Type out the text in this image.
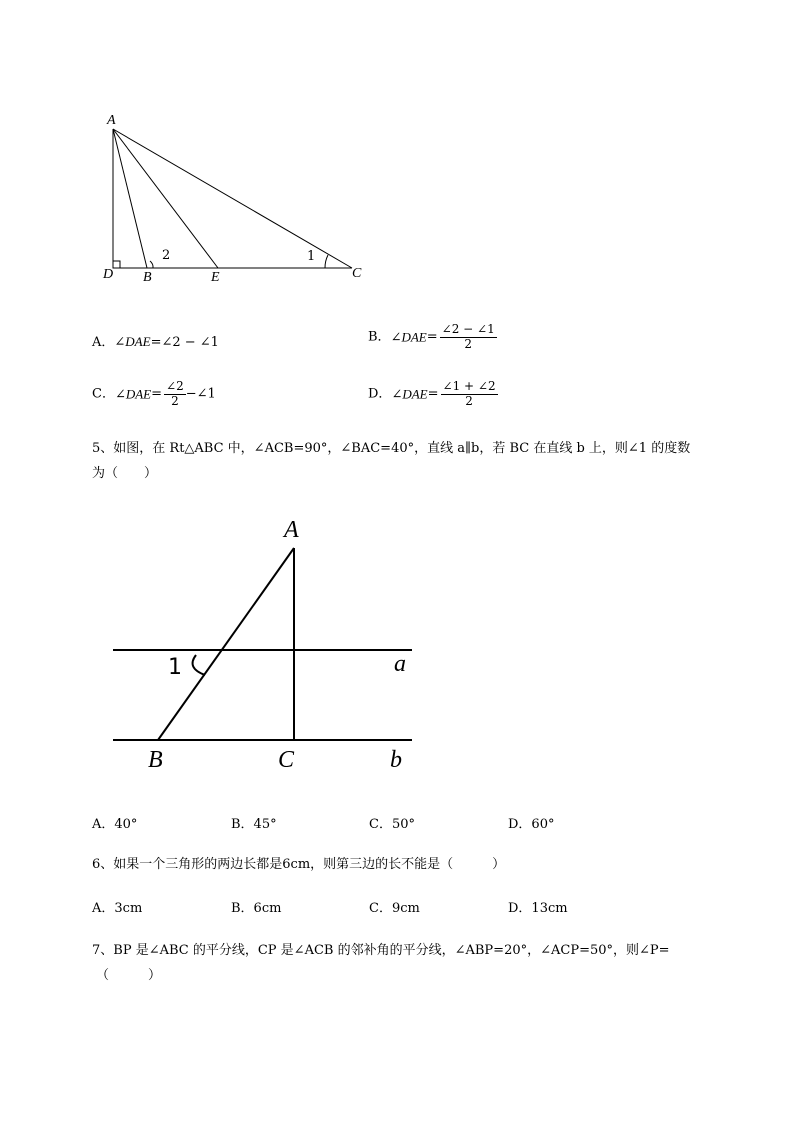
A
D B	E	C
2	1
A．∠DAE=∠2 − ∠1	B．∠DAE= $\frac{\angle 2 - \angle 1}{2}$
C．∠DAE= $\frac{\angle 2}{2}$ −∠1	D．∠DAE= $\frac{\angle 1 + \angle 2}{2}$
5、如图，在 Rt△ABC 中，∠ACB=90°，∠BAC=40°，直线 a∥b，若 BC 在直线 b 上，则∠1 的度数
为（　　）
A
1	a
B	C	b
A．40°	B．45°	C．50°	D．60°
6、如果一个三角形的两边长都是6cm，则第三边的长不能是（　　　）
A．3cm	B．6cm	C．9cm	D．13cm
7、BP 是∠ABC 的平分线，CP 是∠ACB 的邻补角的平分线，∠ABP=20°，∠ACP=50°，则∠P=
（　　　）
